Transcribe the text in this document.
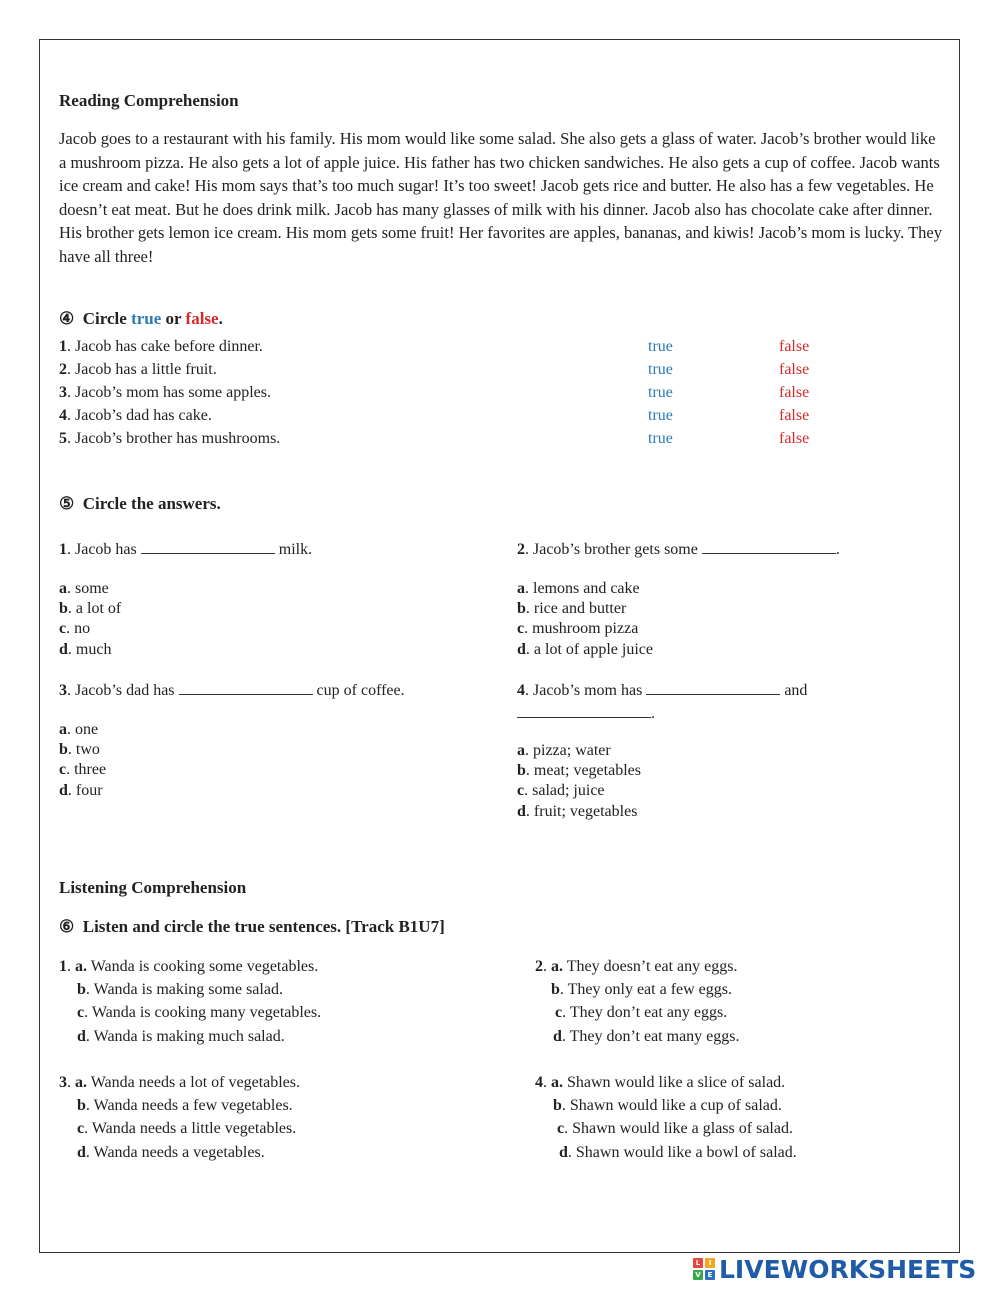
Reading Comprehension
Jacob goes to a restaurant with his family. His mom would like some salad. She also gets a glass of water. Jacob’s brother would like a mushroom pizza. He also gets a lot of apple juice. His father has two chicken sandwiches. He also gets a cup of coffee. Jacob wants ice cream and cake! His mom says that’s too much sugar! It’s too sweet! Jacob gets rice and butter. He also has a few vegetables. He doesn’t eat meat. But he does drink milk. Jacob has many glasses of milk with his dinner. Jacob also has chocolate cake after dinner. His brother gets lemon ice cream. His mom gets some fruit! Her favorites are apples, bananas, and kiwis! Jacob’s mom is lucky. They have all three!
④ Circle true or false.
1. Jacob has cake before dinner.	true	false
2. Jacob has a little fruit.	true	false
3. Jacob’s mom has some apples.	true	false
4. Jacob’s dad has cake.	true	false
5. Jacob’s brother has mushrooms.	true	false
⑤ Circle the answers.
1. Jacob has	milk.
a. some
b. a lot of
c. no
d. much
2. Jacob’s brother gets some	.
a. lemons and cake
b. rice and butter
c. mushroom pizza
d. a lot of apple juice
3. Jacob’s dad has	cup of coffee.
a. one
b. two
c. three
d. four
4. Jacob’s mom has	and
.
a. pizza; water
b. meat; vegetables
c. salad; juice
d. fruit; vegetables
Listening Comprehension
⑥ Listen and circle the true sentences. [Track B1U7]
1. a. Wanda is cooking some vegetables.
b. Wanda is making some salad.
c. Wanda is cooking many vegetables.
d. Wanda is making much salad.
2. a. They doesn’t eat any eggs.
b. They only eat a few eggs.
c. They don’t eat any eggs.
d. They don’t eat many eggs.
3. a. Wanda needs a lot of vegetables.
b. Wanda needs a few vegetables.
c. Wanda needs a little vegetables.
d. Wanda needs a vegetables.
4. a. Shawn would like a slice of salad.
b. Shawn would like a cup of salad.
c. Shawn would like a glass of salad.
d. Shawn would like a bowl of salad.
L	I
V E LIVEWORKSHEETS
